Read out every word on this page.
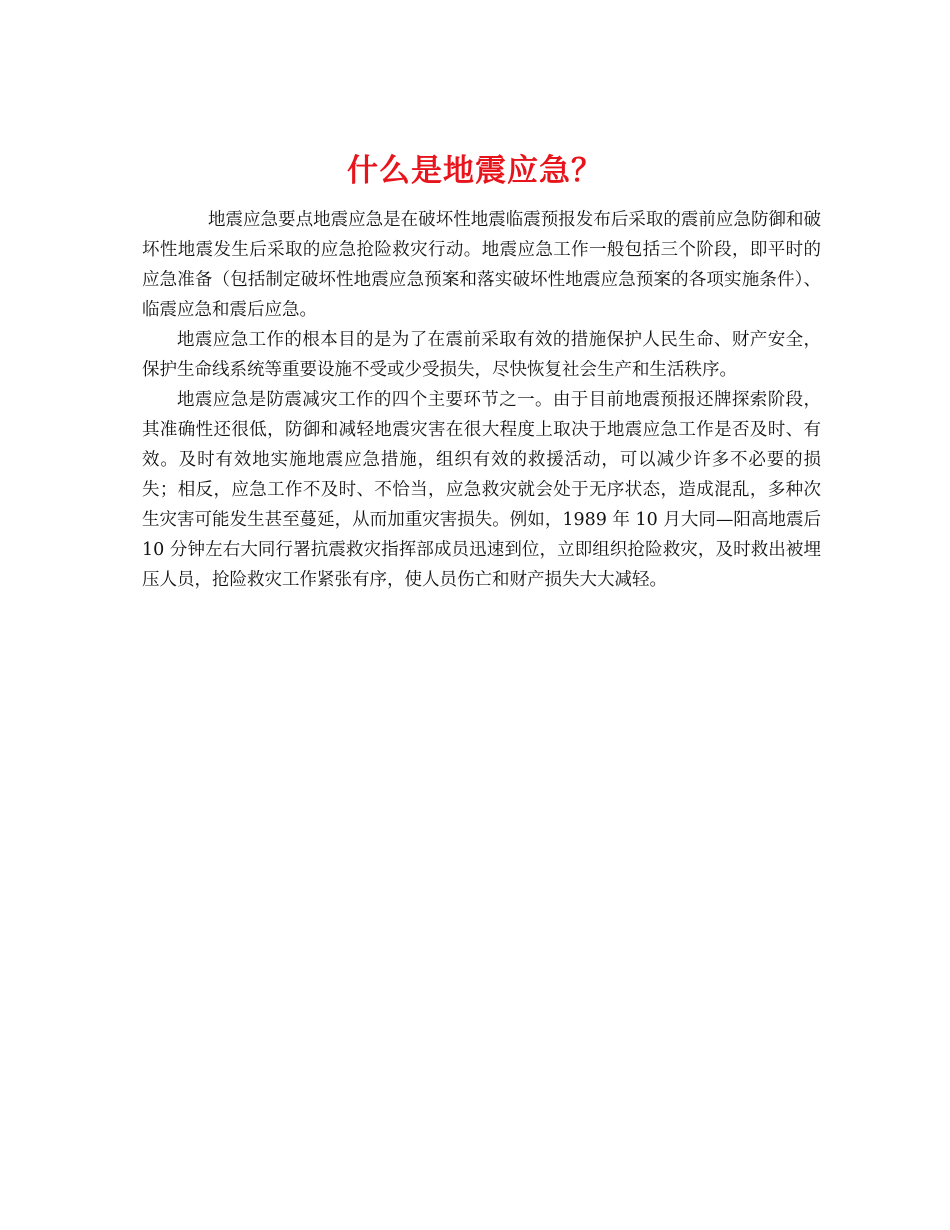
什么是地震应急？

地震应急要点地震应急是在破坏性地震临震预报发布后采取的震前应急防御和破坏性地震发生后采取的应急抢险救灾行动。地震应急工作一般包括三个阶段，即平时的应急准备（包括制定破坏性地震应急预案和落实破坏性地震应急预案的各项实施条件）、临震应急和震后应急。

地震应急工作的根本目的是为了在震前采取有效的措施保护人民生命、财产安全，保护生命线系统等重要设施不受或少受损失，尽快恢复社会生产和生活秩序。

地震应急是防震减灾工作的四个主要环节之一。由于目前地震预报还牌探索阶段，其准确性还很低，防御和减轻地震灾害在很大程度上取决于地震应急工作是否及时、有效。及时有效地实施地震应急措施，组织有效的救援活动，可以减少许多不必要的损失；相反，应急工作不及时、不恰当，应急救灾就会处于无序状态，造成混乱，多种次生灾害可能发生甚至蔓延，从而加重灾害损失。例如，1989 年 10 月大同—阳高地震后 10 分钟左右大同行署抗震救灾指挥部成员迅速到位，立即组织抢险救灾，及时救出被埋压人员，抢险救灾工作紧张有序，使人员伤亡和财产损失大大减轻。
